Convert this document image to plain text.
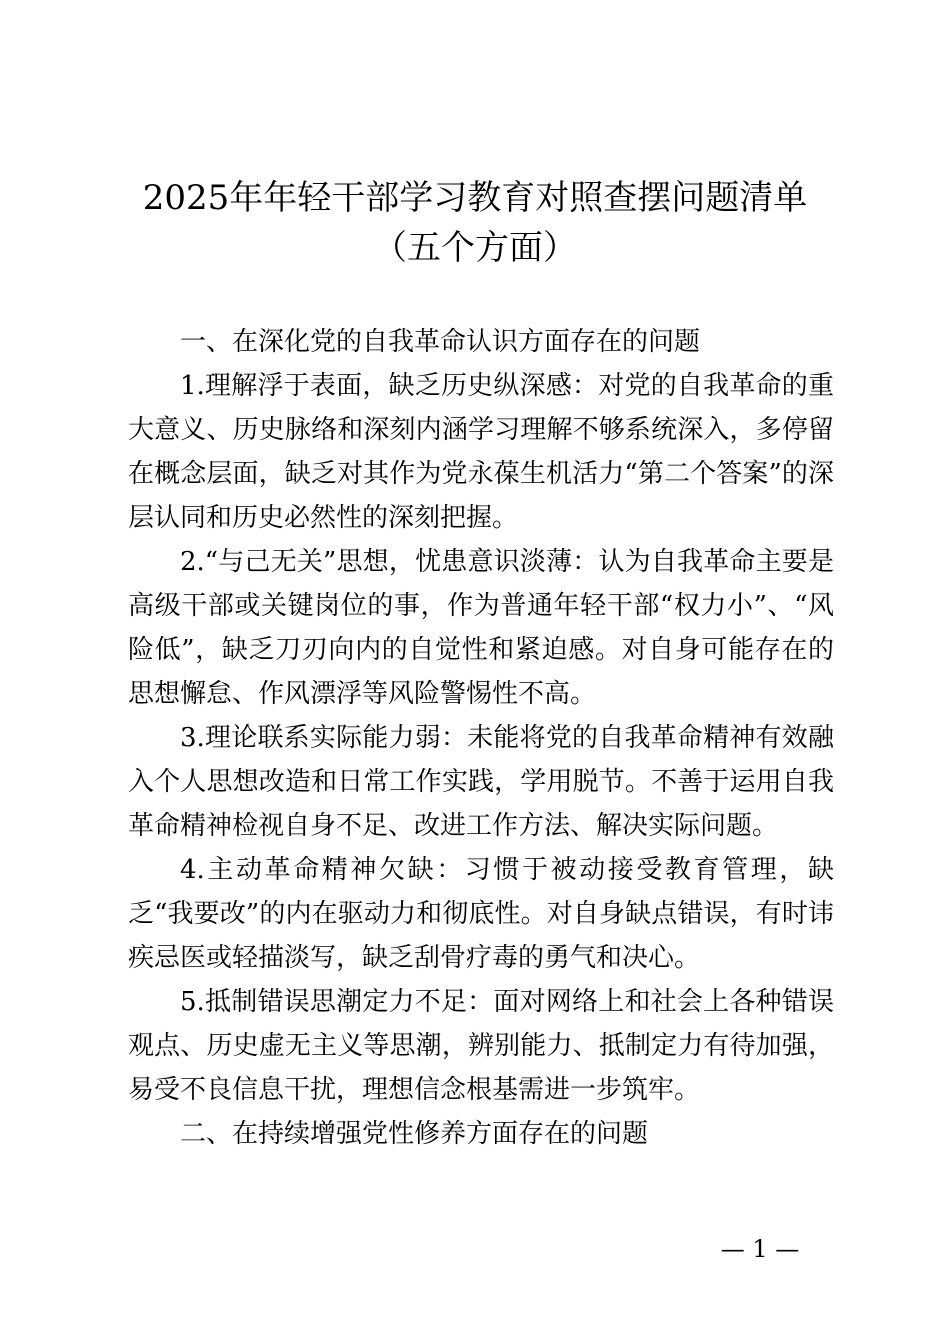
2025年年轻干部学习教育对照查摆问题清单
（五个方面）
一、在深化党的自我革命认识方面存在的问题
1.理解浮于表面，缺乏历史纵深感：对党的自我革命的重大意义、历史脉络和深刻内涵学习理解不够系统深入，多停留在概念层面，缺乏对其作为党永葆生机活力“第二个答案”的深层认同和历史必然性的深刻把握。
2.“与己无关”思想，忧患意识淡薄：认为自我革命主要是高级干部或关键岗位的事，作为普通年轻干部“权力小”、“风险低”，缺乏刀刃向内的自觉性和紧迫感。对自身可能存在的思想懈怠、作风漂浮等风险警惕性不高。
3.理论联系实际能力弱：未能将党的自我革命精神有效融入个人思想改造和日常工作实践，学用脱节。不善于运用自我革命精神检视自身不足、改进工作方法、解决实际问题。
4.主动革命精神欠缺：习惯于被动接受教育管理，缺乏“我要改”的内在驱动力和彻底性。对自身缺点错误，有时讳疾忌医或轻描淡写，缺乏刮骨疗毒的勇气和决心。
5.抵制错误思潮定力不足：面对网络上和社会上各种错误观点、历史虚无主义等思潮，辨别能力、抵制定力有待加强，易受不良信息干扰，理想信念根基需进一步筑牢。
二、在持续增强党性修养方面存在的问题
— 1 —
